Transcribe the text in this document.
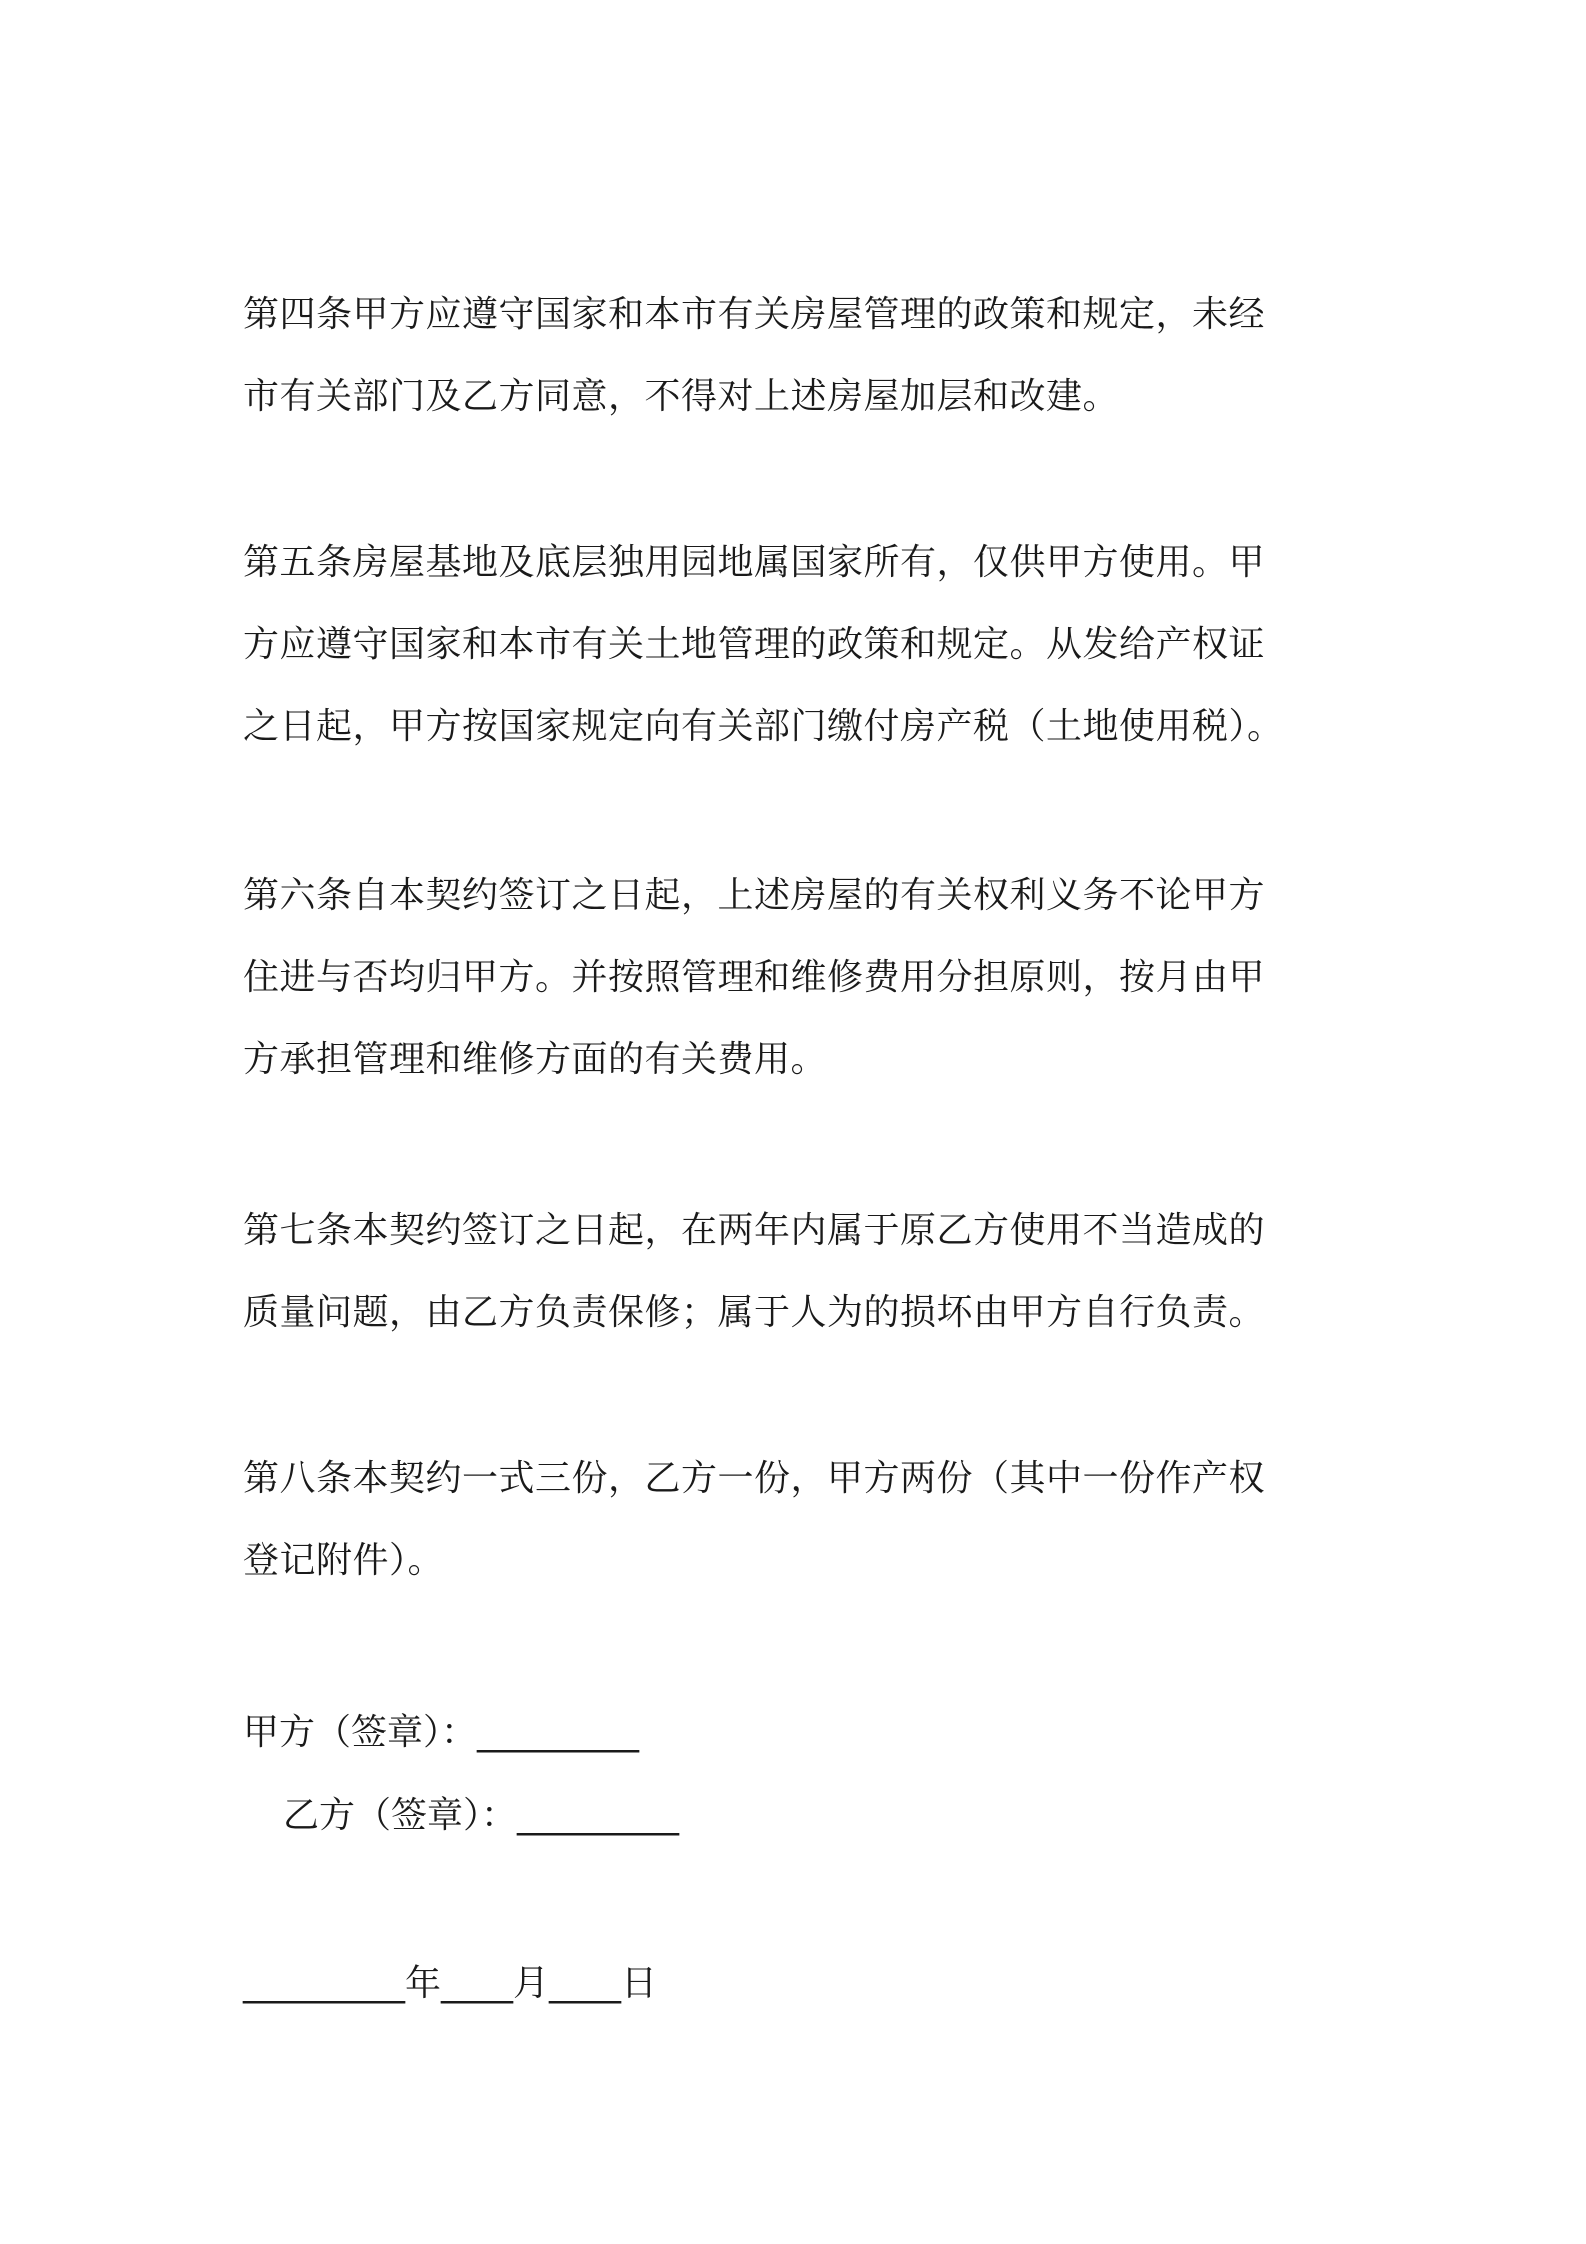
第四条甲方应遵守国家和本市有关房屋管理的政策和规定，未经
市有关部门及乙方同意，不得对上述房屋加层和改建。

第五条房屋基地及底层独用园地属国家所有，仅供甲方使用。甲
方应遵守国家和本市有关土地管理的政策和规定。从发给产权证
之日起，甲方按国家规定向有关部门缴付房产税（土地使用税）。

第六条自本契约签订之日起，上述房屋的有关权利义务不论甲方
住进与否均归甲方。并按照管理和维修费用分担原则，按月由甲
方承担管理和维修方面的有关费用。

第七条本契约签订之日起，在两年内属于原乙方使用不当造成的
质量问题，由乙方负责保修；属于人为的损坏由甲方自行负责。

第八条本契约一式三份，乙方一份，甲方两份（其中一份作产权
登记附件）。

甲方（签章）：_________
乙方（签章）：_________
_________年____月____日
